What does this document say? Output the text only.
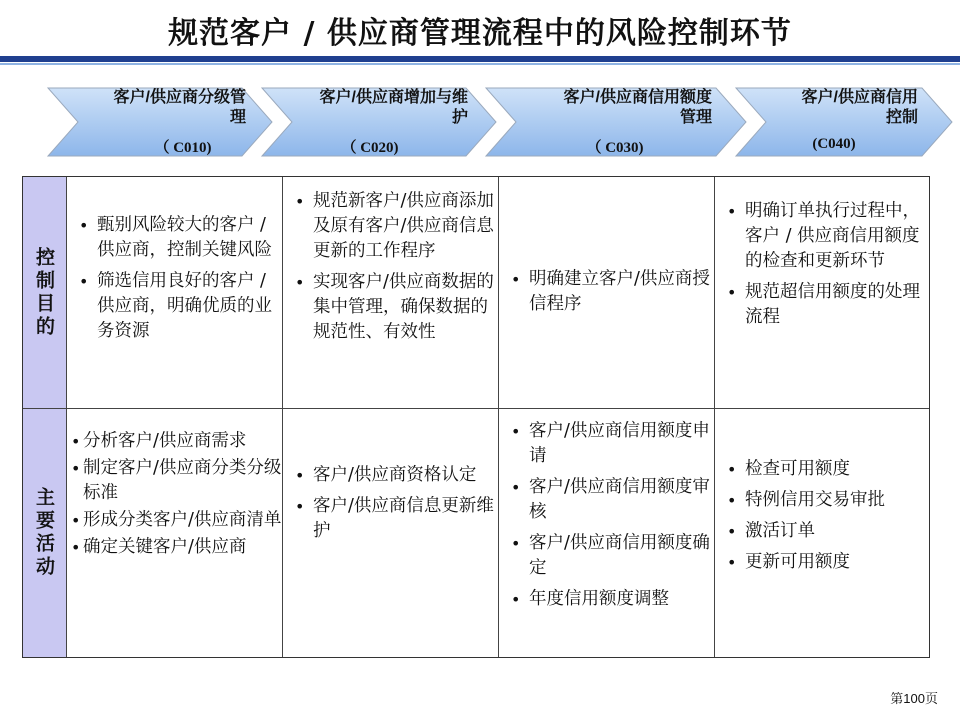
规范客户 / 供应商管理流程中的风险控制环节
客户/供应商分级管
理
（ C010)
客户/供应商增加与维
护
（ C020)
客户/供应商信用额度
管理
（ C030)
客户/供应商信用
控制
(C040)
控制目的
• 甄别风险较大的客户 / 供应商，控制关键风险
• 筛选信用良好的客户 / 供应商，明确优质的业务资源
• 规范新客户/供应商添加及原有客户/供应商信息更新的工作程序
• 实现客户/供应商数据的集中管理，确保数据的规范性、有效性
• 明确建立客户/供应商授信程序
• 明确订单执行过程中，客户 / 供应商信用额度的检查和更新环节
• 规范超信用额度的处理流程
主要活动
• 分析客户/供应商需求
• 制定客户/供应商分类分级标准
• 形成分类客户/供应商清单
• 确定关键客户/供应商
• 客户/供应商资格认定
• 客户/供应商信息更新维护
• 客户/供应商信用额度申请
• 客户/供应商信用额度审核
• 客户/供应商信用额度确定
• 年度信用额度调整
• 检查可用额度
• 特例信用交易审批
• 激活订单
• 更新可用额度
第100页
